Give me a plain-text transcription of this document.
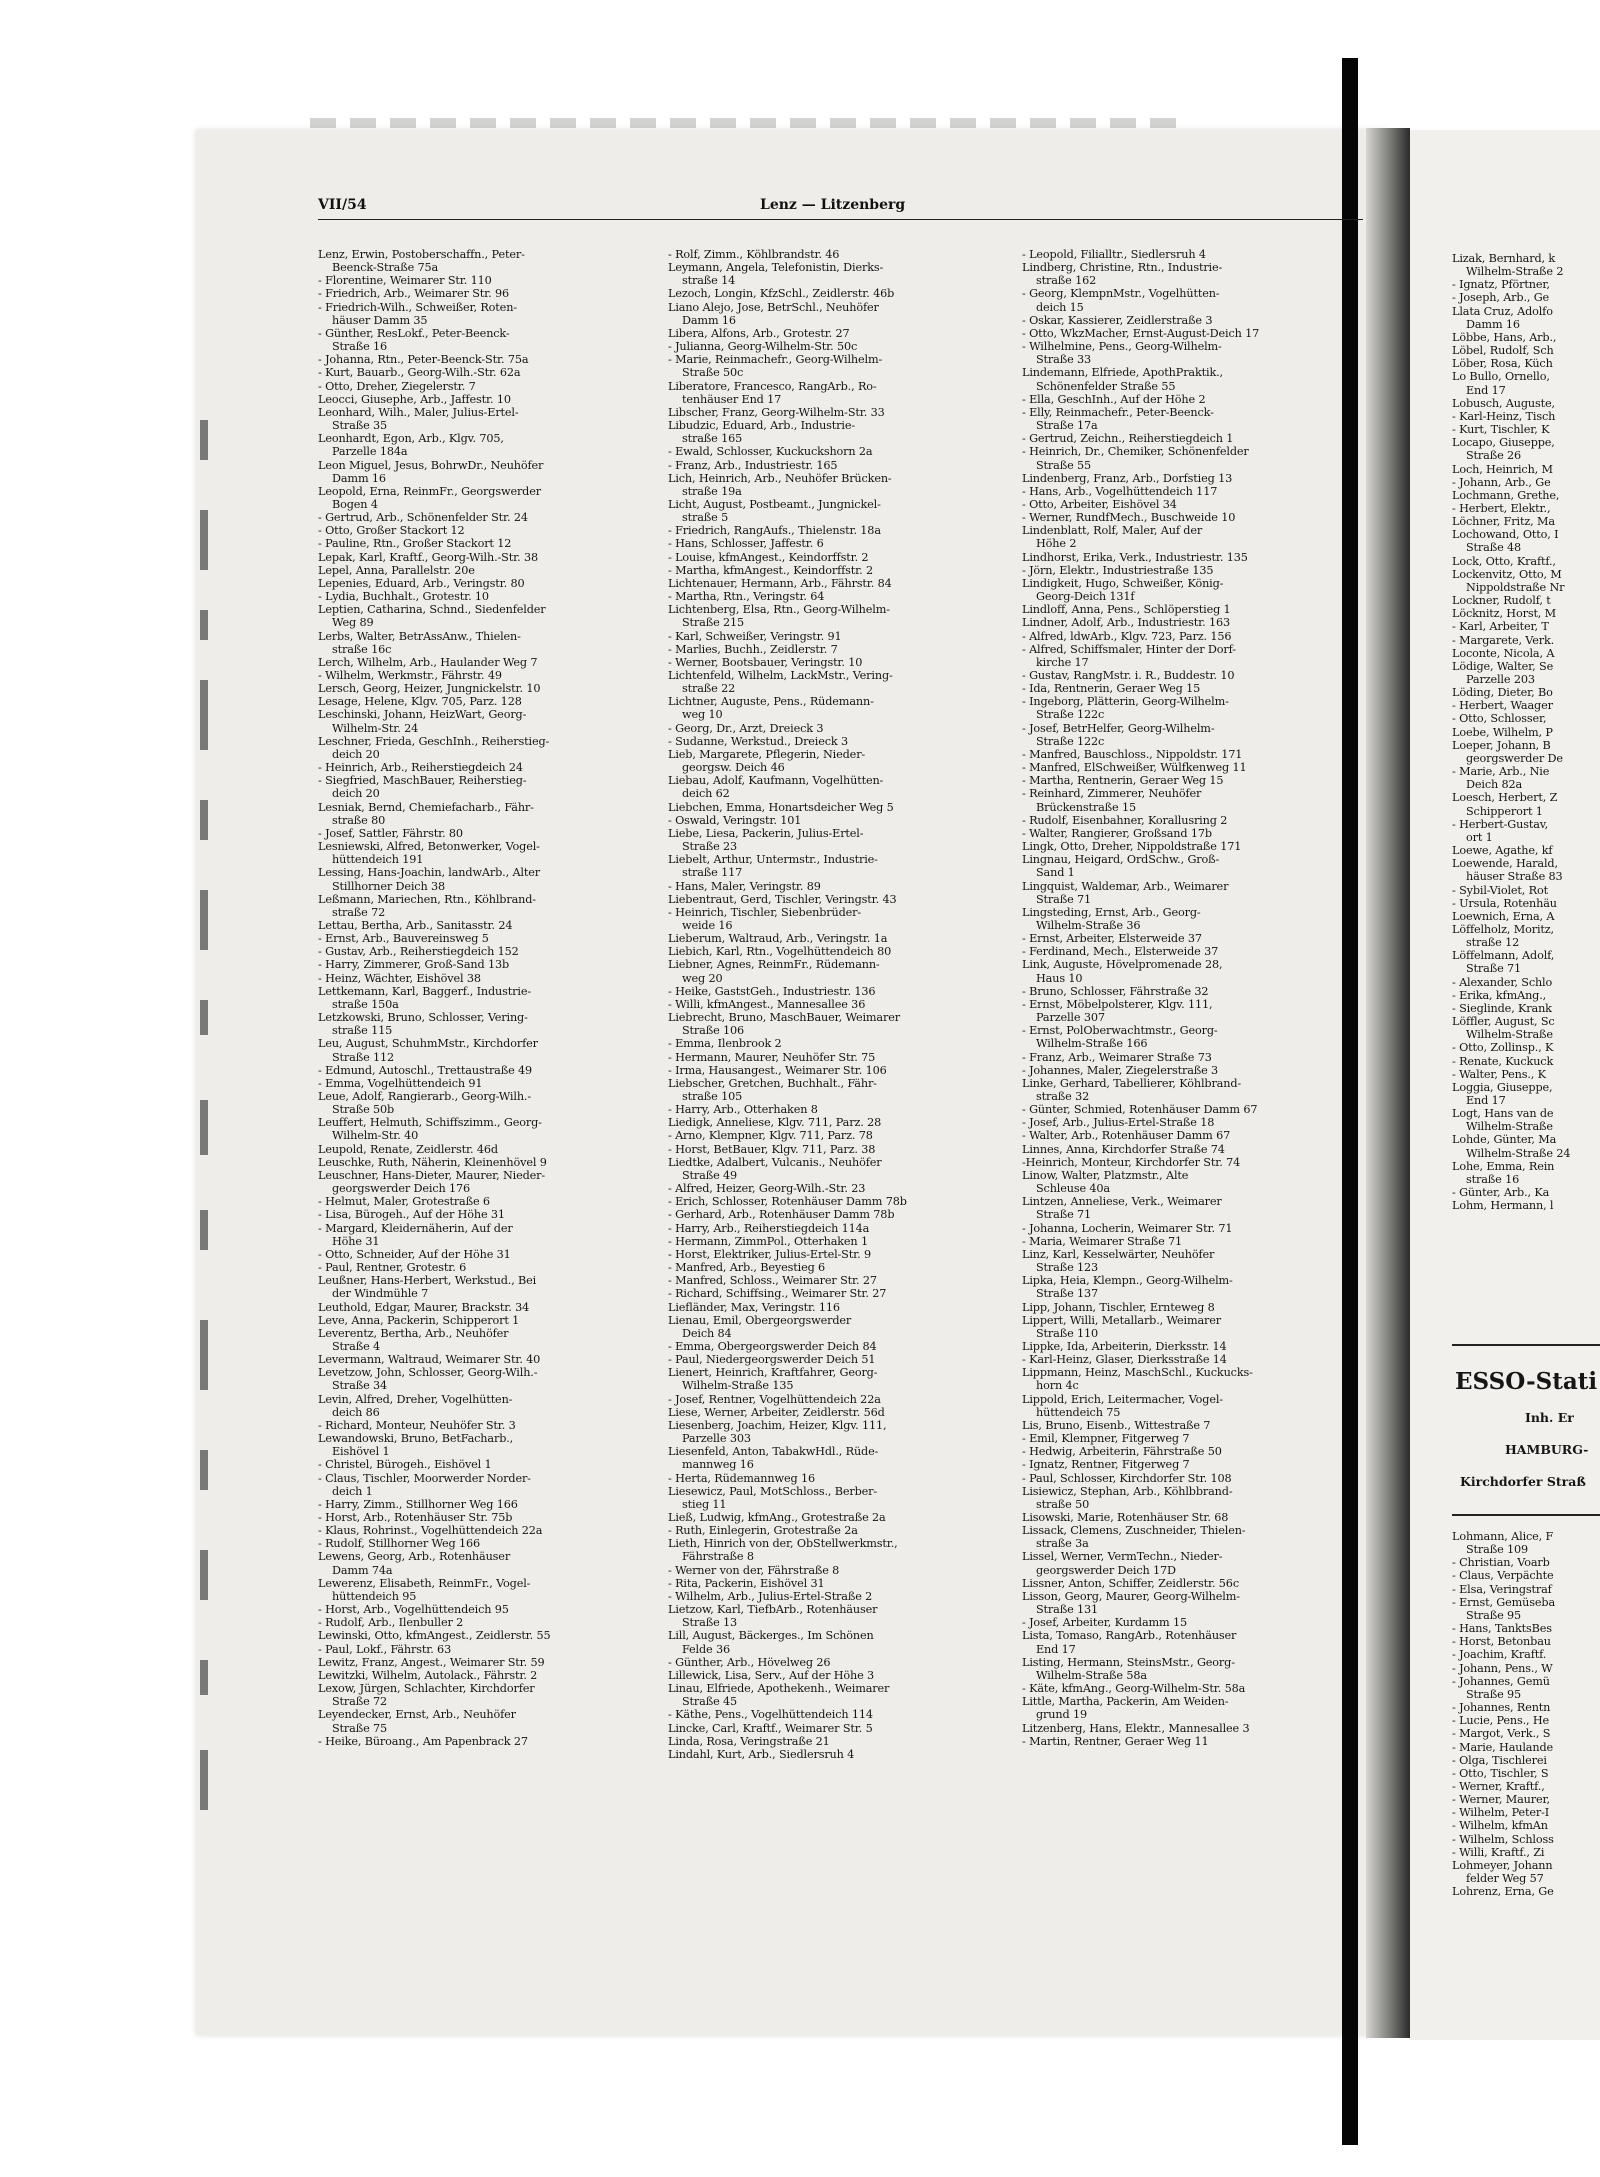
VII/54	Lenz — Litzenberg
Lenz, Erwin, Postoberschaffn., Peter-
Beenck-Straße 75a
- Florentine, Weimarer Str. 110
- Friedrich, Arb., Weimarer Str. 96
- Friedrich-Wilh., Schweißer, Roten-
häuser Damm 35
- Günther, ResLokf., Peter-Beenck-
Straße 16
- Johanna, Rtn., Peter-Beenck-Str. 75a
- Kurt, Bauarb., Georg-Wilh.-Str. 62a
- Otto, Dreher, Ziegelerstr. 7
Leocci, Giusephe, Arb., Jaffestr. 10
Leonhard, Wilh., Maler, Julius-Ertel-
Straße 35
Leonhardt, Egon, Arb., Klgv. 705,
Parzelle 184a
Leon Miguel, Jesus, BohrwDr., Neuhöfer
Damm 16
Leopold, Erna, ReinmFr., Georgswerder
Bogen 4
- Gertrud, Arb., Schönenfelder Str. 24
- Otto, Großer Stackort 12
- Pauline, Rtn., Großer Stackort 12
Lepak, Karl, Kraftf., Georg-Wilh.-Str. 38
Lepel, Anna, Parallelstr. 20e
Lepenies, Eduard, Arb., Veringstr. 80
- Lydia, Buchhalt., Grotestr. 10
Leptien, Catharina, Schnd., Siedenfelder
Weg 89
Lerbs, Walter, BetrAssAnw., Thielen-
straße 16c
Lerch, Wilhelm, Arb., Haulander Weg 7
- Wilhelm, Werkmstr., Fährstr. 49
Lersch, Georg, Heizer, Jungnickelstr. 10
Lesage, Helene, Klgv. 705, Parz. 128
Leschinski, Johann, HeizWart, Georg-
Wilhelm-Str. 24
Leschner, Frieda, GeschInh., Reiherstieg-
deich 20
- Heinrich, Arb., Reiherstiegdeich 24
- Siegfried, MaschBauer, Reiherstieg-
deich 20
Lesniak, Bernd, Chemiefacharb., Fähr-
straße 80
- Josef, Sattler, Fährstr. 80
Lesniewski, Alfred, Betonwerker, Vogel-
hüttendeich 191
Lessing, Hans-Joachin, landwArb., Alter
Stillhorner Deich 38
Leßmann, Mariechen, Rtn., Köhlbrand-
straße 72
Lettau, Bertha, Arb., Sanitasstr. 24
- Ernst, Arb., Bauvereinsweg 5
- Gustav, Arb., Reiherstiegdeich 152
- Harry, Zimmerer, Groß-Sand 13b
- Heinz, Wächter, Eishövel 38
Lettkemann, Karl, Baggerf., Industrie-
straße 150a
Letzkowski, Bruno, Schlosser, Vering-
straße 115
Leu, August, SchuhmMstr., Kirchdorfer
Straße 112
- Edmund, Autoschl., Trettaustraße 49
- Emma, Vogelhüttendeich 91
Leue, Adolf, Rangierarb., Georg-Wilh.-
Straße 50b
Leuffert, Helmuth, Schiffszimm., Georg-
Wilhelm-Str. 40
Leupold, Renate, Zeidlerstr. 46d
Leuschke, Ruth, Näherin, Kleinenhövel 9
Leuschner, Hans-Dieter, Maurer, Nieder-
georgswerder Deich 176
- Helmut, Maler, Grotestraße 6
- Lisa, Bürogeh., Auf der Höhe 31
- Margard, Kleidernäherin, Auf der
Höhe 31
- Otto, Schneider, Auf der Höhe 31
- Paul, Rentner, Grotestr. 6
Leußner, Hans-Herbert, Werkstud., Bei
der Windmühle 7
Leuthold, Edgar, Maurer, Brackstr. 34
Leve, Anna, Packerin, Schipperort 1
Leverentz, Bertha, Arb., Neuhöfer
Straße 4
Levermann, Waltraud, Weimarer Str. 40
Levetzow, John, Schlosser, Georg-Wilh.-
Straße 34
Levin, Alfred, Dreher, Vogelhütten-
deich 86
- Richard, Monteur, Neuhöfer Str. 3
Lewandowski, Bruno, BetFacharb.,
Eishövel 1
- Christel, Bürogeh., Eishövel 1
- Claus, Tischler, Moorwerder Norder-
deich 1
- Harry, Zimm., Stillhorner Weg 166
- Horst, Arb., Rotenhäuser Str. 75b
- Klaus, Rohrinst., Vogelhüttendeich 22a
- Rudolf, Stillhorner Weg 166
Lewens, Georg, Arb., Rotenhäuser
Damm 74a
Lewerenz, Elisabeth, ReinmFr., Vogel-
hüttendeich 95
- Horst, Arb., Vogelhüttendeich 95
- Rudolf, Arb., Ilenbuller 2
Lewinski, Otto, kfmAngest., Zeidlerstr. 55
- Paul, Lokf., Fährstr. 63
Lewitz, Franz, Angest., Weimarer Str. 59
Lewitzki, Wilhelm, Autolack., Fährstr. 2
Lexow, Jürgen, Schlachter, Kirchdorfer
Straße 72
Leyendecker, Ernst, Arb., Neuhöfer
Straße 75
- Heike, Büroang., Am Papenbrack 27
- Rolf, Zimm., Köhlbrandstr. 46
Leymann, Angela, Telefonistin, Dierks-
straße 14
Lezoch, Longin, KfzSchl., Zeidlerstr. 46b
Liano Alejo, Jose, BetrSchl., Neuhöfer
Damm 16
Libera, Alfons, Arb., Grotestr. 27
- Julianna, Georg-Wilhelm-Str. 50c
- Marie, Reinmachefr., Georg-Wilhelm-
Straße 50c
Liberatore, Francesco, RangArb., Ro-
tenhäuser End 17
Libscher, Franz, Georg-Wilhelm-Str. 33
Libudzic, Eduard, Arb., Industrie-
straße 165
- Ewald, Schlosser, Kuckuckshorn 2a
- Franz, Arb., Industriestr. 165
Lich, Heinrich, Arb., Neuhöfer Brücken-
straße 19a
Licht, August, Postbeamt., Jungnickel-
straße 5
- Friedrich, RangAufs., Thielenstr. 18a
- Hans, Schlosser, Jaffestr. 6
- Louise, kfmAngest., Keindorffstr. 2
- Martha, kfmAngest., Keindorffstr. 2
Lichtenauer, Hermann, Arb., Fährstr. 84
- Martha, Rtn., Veringstr. 64
Lichtenberg, Elsa, Rtn., Georg-Wilhelm-
Straße 215
- Karl, Schweißer, Veringstr. 91
- Marlies, Buchh., Zeidlerstr. 7
- Werner, Bootsbauer, Veringstr. 10
Lichtenfeld, Wilhelm, LackMstr., Vering-
straße 22
Lichtner, Auguste, Pens., Rüdemann-
weg 10
- Georg, Dr., Arzt, Dreieck 3
- Sudanne, Werkstud., Dreieck 3
Lieb, Margarete, Pflegerin, Nieder-
georgsw. Deich 46
Liebau, Adolf, Kaufmann, Vogelhütten-
deich 62
Liebchen, Emma, Honartsdeicher Weg 5
- Oswald, Veringstr. 101
Liebe, Liesa, Packerin, Julius-Ertel-
Straße 23
Liebelt, Arthur, Untermstr., Industrie-
straße 117
- Hans, Maler, Veringstr. 89
Liebentraut, Gerd, Tischler, Veringstr. 43
- Heinrich, Tischler, Siebenbrüder-
weide 16
Lieberum, Waltraud, Arb., Veringstr. 1a
Liebich, Karl, Rtn., Vogelhüttendeich 80
Liebner, Agnes, ReinmFr., Rüdemann-
weg 20
- Heike, GaststGeh., Industriestr. 136
- Willi, kfmAngest., Mannesallee 36
Liebrecht, Bruno, MaschBauer, Weimarer
Straße 106
- Emma, Ilenbrook 2
- Hermann, Maurer, Neuhöfer Str. 75
- Irma, Hausangest., Weimarer Str. 106
Liebscher, Gretchen, Buchhalt., Fähr-
straße 105
- Harry, Arb., Otterhaken 8
Liedigk, Anneliese, Klgv. 711, Parz. 28
- Arno, Klempner, Klgv. 711, Parz. 78
- Horst, BetBauer, Klgv. 711, Parz. 38
Liedtke, Adalbert, Vulcanis., Neuhöfer
Straße 49
- Alfred, Heizer, Georg-Wilh.-Str. 23
- Erich, Schlosser, Rotenhäuser Damm 78b
- Gerhard, Arb., Rotenhäuser Damm 78b
- Harry, Arb., Reiherstiegdeich 114a
- Hermann, ZimmPol., Otterhaken 1
- Horst, Elektriker, Julius-Ertel-Str. 9
- Manfred, Arb., Beyestieg 6
- Manfred, Schloss., Weimarer Str. 27
- Richard, Schiffsing., Weimarer Str. 27
Liefländer, Max, Veringstr. 116
Lienau, Emil, Obergeorgswerder
Deich 84
- Emma, Obergeorgswerder Deich 84
- Paul, Niedergeorgswerder Deich 51
Lienert, Heinrich, Kraftfahrer, Georg-
Wilhelm-Straße 135
- Josef, Rentner, Vogelhüttendeich 22a
Liese, Werner, Arbeiter, Zeidlerstr. 56d
Liesenberg, Joachim, Heizer, Klgv. 111,
Parzelle 303
Liesenfeld, Anton, TabakwHdl., Rüde-
mannweg 16
- Herta, Rüdemannweg 16
Liesewicz, Paul, MotSchloss., Berber-
stieg 11
Ließ, Ludwig, kfmAng., Grotestraße 2a
- Ruth, Einlegerin, Grotestraße 2a
Lieth, Hinrich von der, ObStellwerkmstr.,
Fährstraße 8
- Werner von der, Fährstraße 8
- Rita, Packerin, Eishövel 31
- Wilhelm, Arb., Julius-Ertel-Straße 2
Lietzow, Karl, TiefbArb., Rotenhäuser
Straße 13
Lill, August, Bäckerges., Im Schönen
Felde 36
- Günther, Arb., Hövelweg 26
Lillewick, Lisa, Serv., Auf der Höhe 3
Linau, Elfriede, Apothekenh., Weimarer
Straße 45
- Käthe, Pens., Vogelhüttendeich 114
Lincke, Carl, Kraftf., Weimarer Str. 5
Linda, Rosa, Veringstraße 21
Lindahl, Kurt, Arb., Siedlersruh 4
- Leopold, Filialltr., Siedlersruh 4
Lindberg, Christine, Rtn., Industrie-
straße 162
- Georg, KlempnMstr., Vogelhütten-
deich 15
- Oskar, Kassierer, Zeidlerstraße 3
- Otto, WkzMacher, Ernst-August-Deich 17
- Wilhelmine, Pens., Georg-Wilhelm-
Straße 33
Lindemann, Elfriede, ApothPraktik.,
Schönenfelder Straße 55
- Ella, GeschInh., Auf der Höhe 2
- Elly, Reinmachefr., Peter-Beenck-
Straße 17a
- Gertrud, Zeichn., Reiherstiegdeich 1
- Heinrich, Dr., Chemiker, Schönenfelder
Straße 55
Lindenberg, Franz, Arb., Dorfstieg 13
- Hans, Arb., Vogelhüttendeich 117
- Otto, Arbeiter, Eishövel 34
- Werner, RundfMech., Buschweide 10
Lindenblatt, Rolf, Maler, Auf der
Höhe 2
Lindhorst, Erika, Verk., Industriestr. 135
- Jörn, Elektr., Industriestraße 135
Lindigkeit, Hugo, Schweißer, König-
Georg-Deich 131f
Lindloff, Anna, Pens., Schlöperstieg 1
Lindner, Adolf, Arb., Industriestr. 163
- Alfred, ldwArb., Klgv. 723, Parz. 156
- Alfred, Schiffsmaler, Hinter der Dorf-
kirche 17
- Gustav, RangMstr. i. R., Buddestr. 10
- Ida, Rentnerin, Geraer Weg 15
- Ingeborg, Plätterin, Georg-Wilhelm-
Straße 122c
- Josef, BetrHelfer, Georg-Wilhelm-
Straße 122c
- Manfred, Bauschloss., Nippoldstr. 171
- Manfred, ElSchweißer, Wülfkenweg 11
- Martha, Rentnerin, Geraer Weg 15
- Reinhard, Zimmerer, Neuhöfer
Brückenstraße 15
- Rudolf, Eisenbahner, Korallusring 2
- Walter, Rangierer, Großsand 17b
Lingk, Otto, Dreher, Nippoldstraße 171
Lingnau, Heigard, OrdSchw., Groß-
Sand 1
Lingquist, Waldemar, Arb., Weimarer
Straße 71
Lingsteding, Ernst, Arb., Georg-
Wilhelm-Straße 36
- Ernst, Arbeiter, Elsterweide 37
- Ferdinand, Mech., Elsterweide 37
Link, Auguste, Hövelpromenade 28,
Haus 10
- Bruno, Schlosser, Fährstraße 32
- Ernst, Möbelpolsterer, Klgv. 111,
Parzelle 307
- Ernst, PolOberwachtmstr., Georg-
Wilhelm-Straße 166
- Franz, Arb., Weimarer Straße 73
- Johannes, Maler, Ziegelerstraße 3
Linke, Gerhard, Tabellierer, Köhlbrand-
straße 32
- Günter, Schmied, Rotenhäuser Damm 67
- Josef, Arb., Julius-Ertel-Straße 18
- Walter, Arb., Rotenhäuser Damm 67
Linnes, Anna, Kirchdorfer Straße 74
-Heinrich, Monteur, Kirchdorfer Str. 74
Linow, Walter, Platzmstr., Alte
Schleuse 40a
Lintzen, Anneliese, Verk., Weimarer
Straße 71
- Johanna, Locherin, Weimarer Str. 71
- Maria, Weimarer Straße 71
Linz, Karl, Kesselwärter, Neuhöfer
Straße 123
Lipka, Heia, Klempn., Georg-Wilhelm-
Straße 137
Lipp, Johann, Tischler, Ernteweg 8
Lippert, Willi, Metallarb., Weimarer
Straße 110
Lippke, Ida, Arbeiterin, Dierksstr. 14
- Karl-Heinz, Glaser, Dierksstraße 14
Lippmann, Heinz, MaschSchl., Kuckucks-
horn 4c
Lippold, Erich, Leitermacher, Vogel-
hüttendeich 75
Lis, Bruno, Eisenb., Wittestraße 7
- Emil, Klempner, Fitgerweg 7
- Hedwig, Arbeiterin, Fährstraße 50
- Ignatz, Rentner, Fitgerweg 7
- Paul, Schlosser, Kirchdorfer Str. 108
Lisiewicz, Stephan, Arb., Köhlbbrand-
straße 50
Lisowski, Marie, Rotenhäuser Str. 68
Lissack, Clemens, Zuschneider, Thielen-
straße 3a
Lissel, Werner, VermTechn., Nieder-
georgswerder Deich 17D
Lissner, Anton, Schiffer, Zeidlerstr. 56c
Lisson, Georg, Maurer, Georg-Wilhelm-
Straße 131
- Josef, Arbeiter, Kurdamm 15
Lista, Tomaso, RangArb., Rotenhäuser
End 17
Listing, Hermann, SteinsMstr., Georg-
Wilhelm-Straße 58a
- Käte, kfmAng., Georg-Wilhelm-Str. 58a
Little, Martha, Packerin, Am Weiden-
grund 19
Litzenberg, Hans, Elektr., Mannesallee 3
- Martin, Rentner, Geraer Weg 11
Lizak, Bernhard, k
Wilhelm-Straße 2
- Ignatz, Pförtner,
- Joseph, Arb., Ge
Llata Cruz, Adolfo
Damm 16
Löbbe, Hans, Arb.,
Löbel, Rudolf, Sch
Löber, Rosa, Küch
Lo Bullo, Ornello,
End 17
Lobusch, Auguste,
- Karl-Heinz, Tisch
- Kurt, Tischler, K
Locapo, Giuseppe,
Straße 26
Loch, Heinrich, M
- Johann, Arb., Ge
Lochmann, Grethe,
- Herbert, Elektr.,
Löchner, Fritz, Ma
Lochowand, Otto, I
Straße 48
Lock, Otto, Kraftf.,
Lockenvitz, Otto, M
Nippoldstraße Nr
Lockner, Rudolf, t
Löcknitz, Horst, M
- Karl, Arbeiter, T
- Margarete, Verk.
Loconte, Nicola, A
Lödige, Walter, Se
Parzelle 203
Löding, Dieter, Bo
- Herbert, Waager
- Otto, Schlosser,
Loebe, Wilhelm, P
Loeper, Johann, B
georgswerder De
- Marie, Arb., Nie
Deich 82a
Loesch, Herbert, Z
Schipperort 1
- Herbert-Gustav,
ort 1
Loewe, Agathe, kf
Loewende, Harald,
häuser Straße 83
- Sybil-Violet, Rot
- Ursula, Rotenhäu
Loewnich, Erna, A
Löffelholz, Moritz,
straße 12
Löffelmann, Adolf,
Straße 71
- Alexander, Schlo
- Erika, kfmAng.,
- Sieglinde, Krank
Löffler, August, Sc
Wilhelm-Straße
- Otto, Zollinsp., K
- Renate, Kuckuck
- Walter, Pens., K
Loggia, Giuseppe,
End 17
Logt, Hans van de
Wilhelm-Straße
Lohde, Günter, Ma
Wilhelm-Straße 24
Lohe, Emma, Rein
straße 16
- Günter, Arb., Ka
Lohm, Hermann, l
ESSO-Stati
Inh. Er
HAMBURG-
Kirchdorfer Straß
Lohmann, Alice, F
Straße 109
- Christian, Voarb
- Claus, Verpächte
- Elsa, Veringstraf
- Ernst, Gemüseba
Straße 95
- Hans, TanktsBes
- Horst, Betonbau
- Joachim, Kraftf.
- Johann, Pens., W
- Johannes, Gemü
Straße 95
- Johannes, Rentn
- Lucie, Pens., He
- Margot, Verk., S
- Marie, Haulande
- Olga, Tischlerei
- Otto, Tischler, S
- Werner, Kraftf.,
- Werner, Maurer,
- Wilhelm, Peter-I
- Wilhelm, kfmAn
- Wilhelm, Schloss
- Willi, Kraftf., Zi
Lohmeyer, Johann
felder Weg 57
Lohrenz, Erna, Ge
